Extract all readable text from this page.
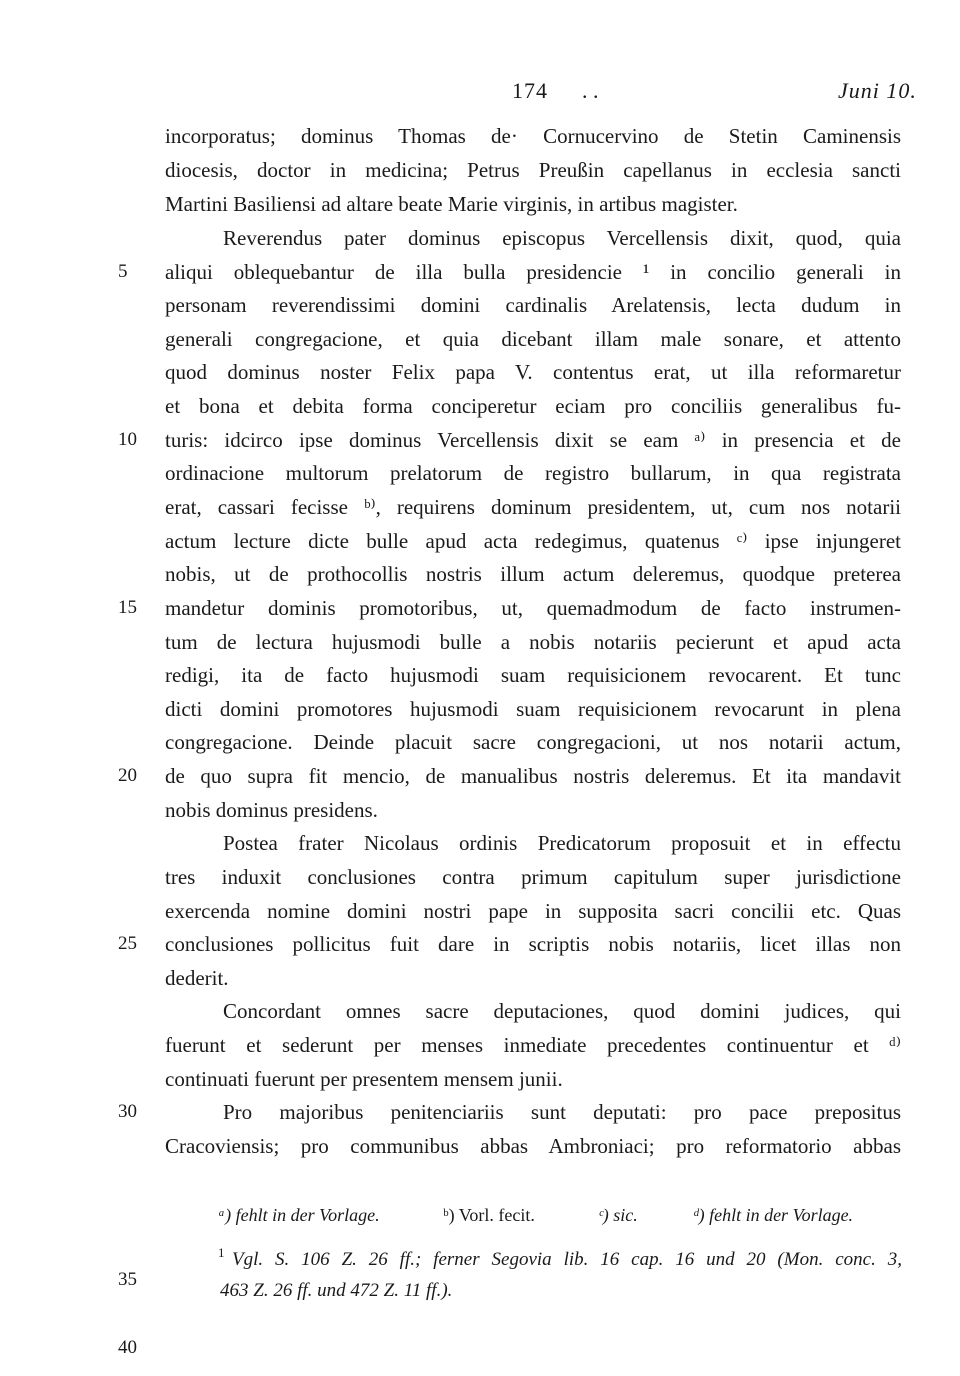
174 . .	Juni 10.
incorporatus; dominus Thomas de· Cornucervino de Stetin Caminensis
diocesis, doctor in medicina; Petrus Preußin capellanus in ecclesia sancti
Martini Basiliensi ad altare beate Marie virginis, in artibus magister.
Reverendus pater dominus episcopus Vercellensis dixit, quod, quia
aliqui oblequebantur de illa bulla presidencie ¹ in concilio generali in
personam reverendissimi domini cardinalis Arelatensis, lecta dudum in
generali congregacione, et quia dicebant illam male sonare, et attento
quod dominus noster Felix papa V. contentus erat, ut illa reformaretur
et bona et debita forma conciperetur eciam pro conciliis generalibus fu-
turis: idcirco ipse dominus Vercellensis dixit se eam ᵃ⁾ in presencia et de
ordinacione multorum prelatorum de registro bullarum, in qua registrata
erat, cassari fecisse ᵇ⁾, requirens dominum presidentem, ut, cum nos notarii
actum lecture dicte bulle apud acta redegimus, quatenus ᶜ⁾ ipse injungeret
nobis, ut de prothocollis nostris illum actum deleremus, quodque preterea
mandetur dominis promotoribus, ut, quemadmodum de facto instrumen-
tum de lectura hujusmodi bulle a nobis notariis pecierunt et apud acta
redigi, ita de facto hujusmodi suam requisicionem revocarent. Et tunc
dicti domini promotores hujusmodi suam requisicionem revocarunt in plena
congregacione. Deinde placuit sacre congregacioni, ut nos notarii actum,
de quo supra fit mencio, de manualibus nostris deleremus. Et ita mandavit
nobis dominus presidens.
Postea frater Nicolaus ordinis Predicatorum proposuit et in effectu
tres induxit conclusiones contra primum capitulum super jurisdictione
exercenda nomine domini nostri pape in supposita sacri concilii etc. Quas
conclusiones pollicitus fuit dare in scriptis nobis notariis, licet illas non
dederit.
Concordant omnes sacre deputaciones, quod domini judices, qui
fuerunt et sederunt per menses inmediate precedentes continuentur et ᵈ⁾
continuati fuerunt per presentem mensem junii.
Pro majoribus penitenciariis sunt deputati: pro pace prepositus
Cracoviensis; pro communibus abbas Ambroniaci; pro reformatorio abbas
5
10
15
20
25
30
35
40
ᵃ) fehlt in der Vorlage.	ᵇ) Vorl. fecit.	ᶜ) sic.	ᵈ) fehlt in der Vorlage.
1 Vgl. S. 106 Z. 26 ff.; ferner Segovia lib. 16 cap. 16 und 20 (Mon. conc. 3,
463 Z. 26 ff. und 472 Z. 11 ff.).
